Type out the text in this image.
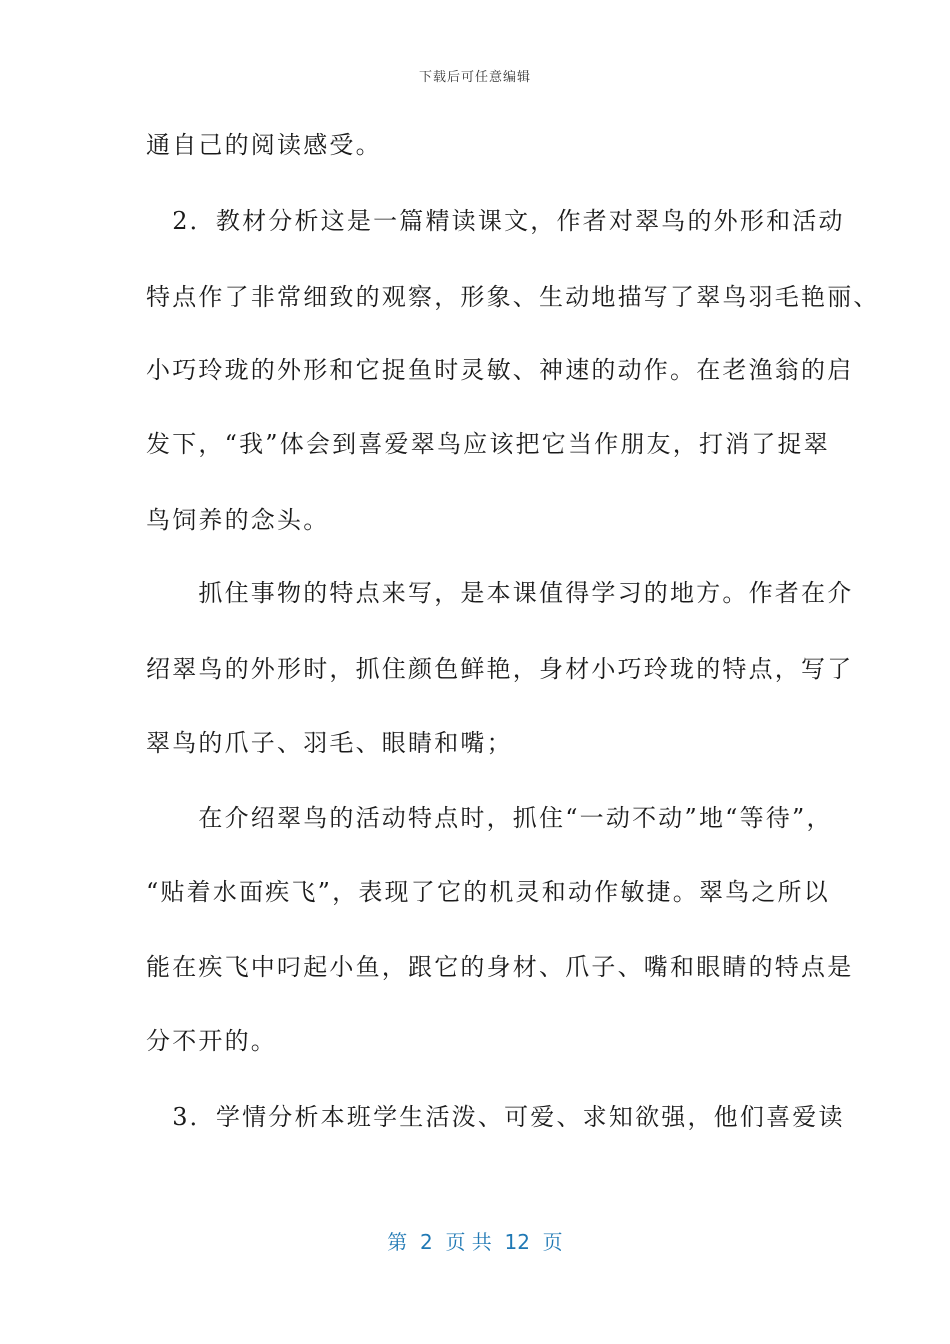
下载后可任意编辑
通自己的阅读感受。
　2．教材分析这是一篇精读课文，作者对翠鸟的外形和活动
特点作了非常细致的观察，形象、生动地描写了翠鸟羽毛艳丽、
小巧玲珑的外形和它捉鱼时灵敏、神速的动作。在老渔翁的启
发下，“我”体会到喜爱翠鸟应该把它当作朋友，打消了捉翠
鸟饲养的念头。
　　抓住事物的特点来写，是本课值得学习的地方。作者在介
绍翠鸟的外形时，抓住颜色鲜艳，身材小巧玲珑的特点，写了
翠鸟的爪子、羽毛、眼睛和嘴；
　　在介绍翠鸟的活动特点时，抓住“一动不动”地“等待”，
“贴着水面疾飞”，表现了它的机灵和动作敏捷。翠鸟之所以
能在疾飞中叼起小鱼，跟它的身材、爪子、嘴和眼睛的特点是
分不开的。
　3．学情分析本班学生活泼、可爱、求知欲强，他们喜爱读
第  2  页 共  12  页
